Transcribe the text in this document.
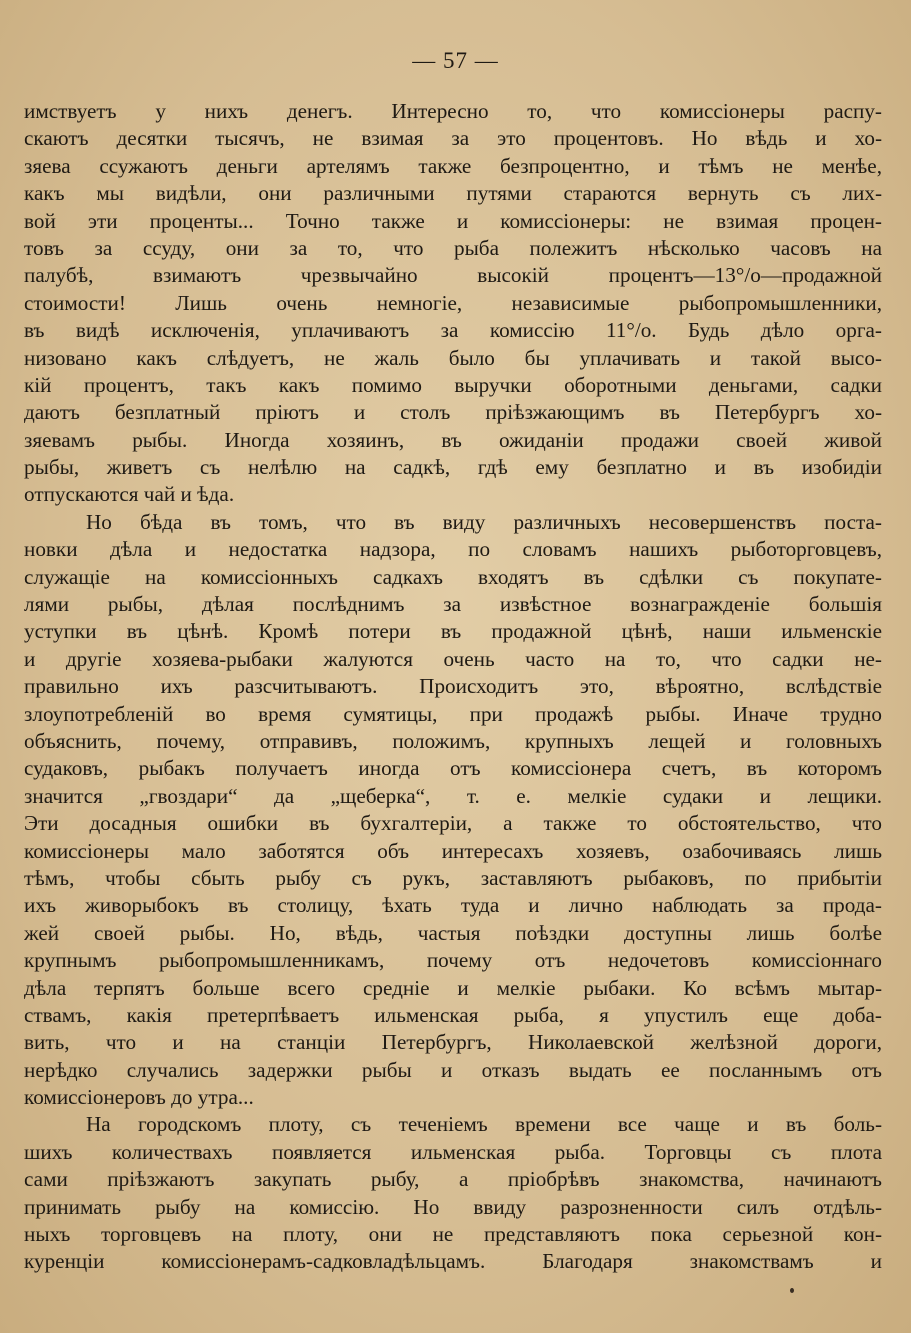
— 57 —
имствуетъ у нихъ денегъ. Интересно то, что комиссіонеры распу-
скаютъ десятки тысячъ, не взимая за это процентовъ. Но вѣдь и хо-
зяева ссужаютъ деньги артелямъ также безпроцентно, и тѣмъ не менѣе,
какъ мы видѣли, они различными путями стараются вернуть съ лих-
вой эти проценты... Точно также и комиссіонеры: не взимая процен-
товъ за ссуду, они за то, что рыба полежитъ нѣсколько часовъ на
палубѣ, взимаютъ чрезвычайно высокій процентъ—13°/о—продажной
стоимости! Лишь очень немногіе, независимые рыбопромышленники,
въ видѣ исключенія, уплачиваютъ за комиссію 11°/о. Будь дѣло орга-
низовано какъ слѣдуетъ, не жаль было бы уплачивать и такой высо-
кій процентъ, такъ какъ помимо выручки оборотными деньгами, садки
даютъ безплатный пріютъ и столъ пріѣзжающимъ въ Петербургъ хо-
зяевамъ рыбы. Иногда хозяинъ, въ ожиданіи продажи своей живой
рыбы, живетъ съ нелѣлю на садкѣ, гдѣ ему безплатно и въ изобидіи
отпускаются чай и ѣда.
Но бѣда въ томъ, что въ виду различныхъ несовершенствъ поста-
новки дѣла и недостатка надзора, по словамъ нашихъ рыботорговцевъ,
служащіе на комиссіонныхъ садкахъ входятъ въ сдѣлки съ покупате-
лями рыбы, дѣлая послѣднимъ за извѣстное вознагражденіе большія
уступки въ цѣнѣ. Кромѣ потери въ продажной цѣнѣ, наши ильменскіе
и другіе хозяева-рыбаки жалуются очень часто на то, что садки не-
правильно ихъ разсчитываютъ. Происходитъ это, вѣроятно, вслѣдствіе
злоупотребленій во время сумятицы, при продажѣ рыбы. Иначе трудно
объяснить, почему, отправивъ, положимъ, крупныхъ лещей и головныхъ
судаковъ, рыбакъ получаетъ иногда отъ комиссіонера счетъ, въ которомъ
значится „гвоздари“ да „щеберка“, т. е. мелкіе судаки и лещики.
Эти досадныя ошибки въ бухгалтеріи, а также то обстоятельство, что
комиссіонеры мало заботятся объ интересахъ хозяевъ, озабочиваясь лишь
тѣмъ, чтобы сбыть рыбу съ рукъ, заставляютъ рыбаковъ, по прибытіи
ихъ живорыбокъ въ столицу, ѣхать туда и лично наблюдать за прода-
жей своей рыбы. Но, вѣдь, частыя поѣздки доступны лишь болѣе
крупнымъ рыбопромышленникамъ, почему отъ недочетовъ комиссіоннаго
дѣла терпятъ больше всего средніе и мелкіе рыбаки. Ко всѣмъ мытар-
ствамъ, какія претерпѣваетъ ильменская рыба, я упустилъ еще доба-
вить, что и на станціи Петербургъ, Николаевской желѣзной дороги,
нерѣдко случались задержки рыбы и отказъ выдать ее посланнымъ отъ
комиссіонеровъ до утра...
На городскомъ плоту, съ теченіемъ времени все чаще и въ боль-
шихъ количествахъ появляется ильменская рыба. Торговцы съ плота
сами пріѣзжаютъ закупать рыбу, а пріобрѣвъ знакомства, начинаютъ
принимать рыбу на комиссію. Но ввиду разрозненности силъ отдѣль-
ныхъ торговцевъ на плоту, они не представляютъ пока серьезной кон-
куренціи комиссіонерамъ-садковладѣльцамъ. Благодаря знакомствамъ и
